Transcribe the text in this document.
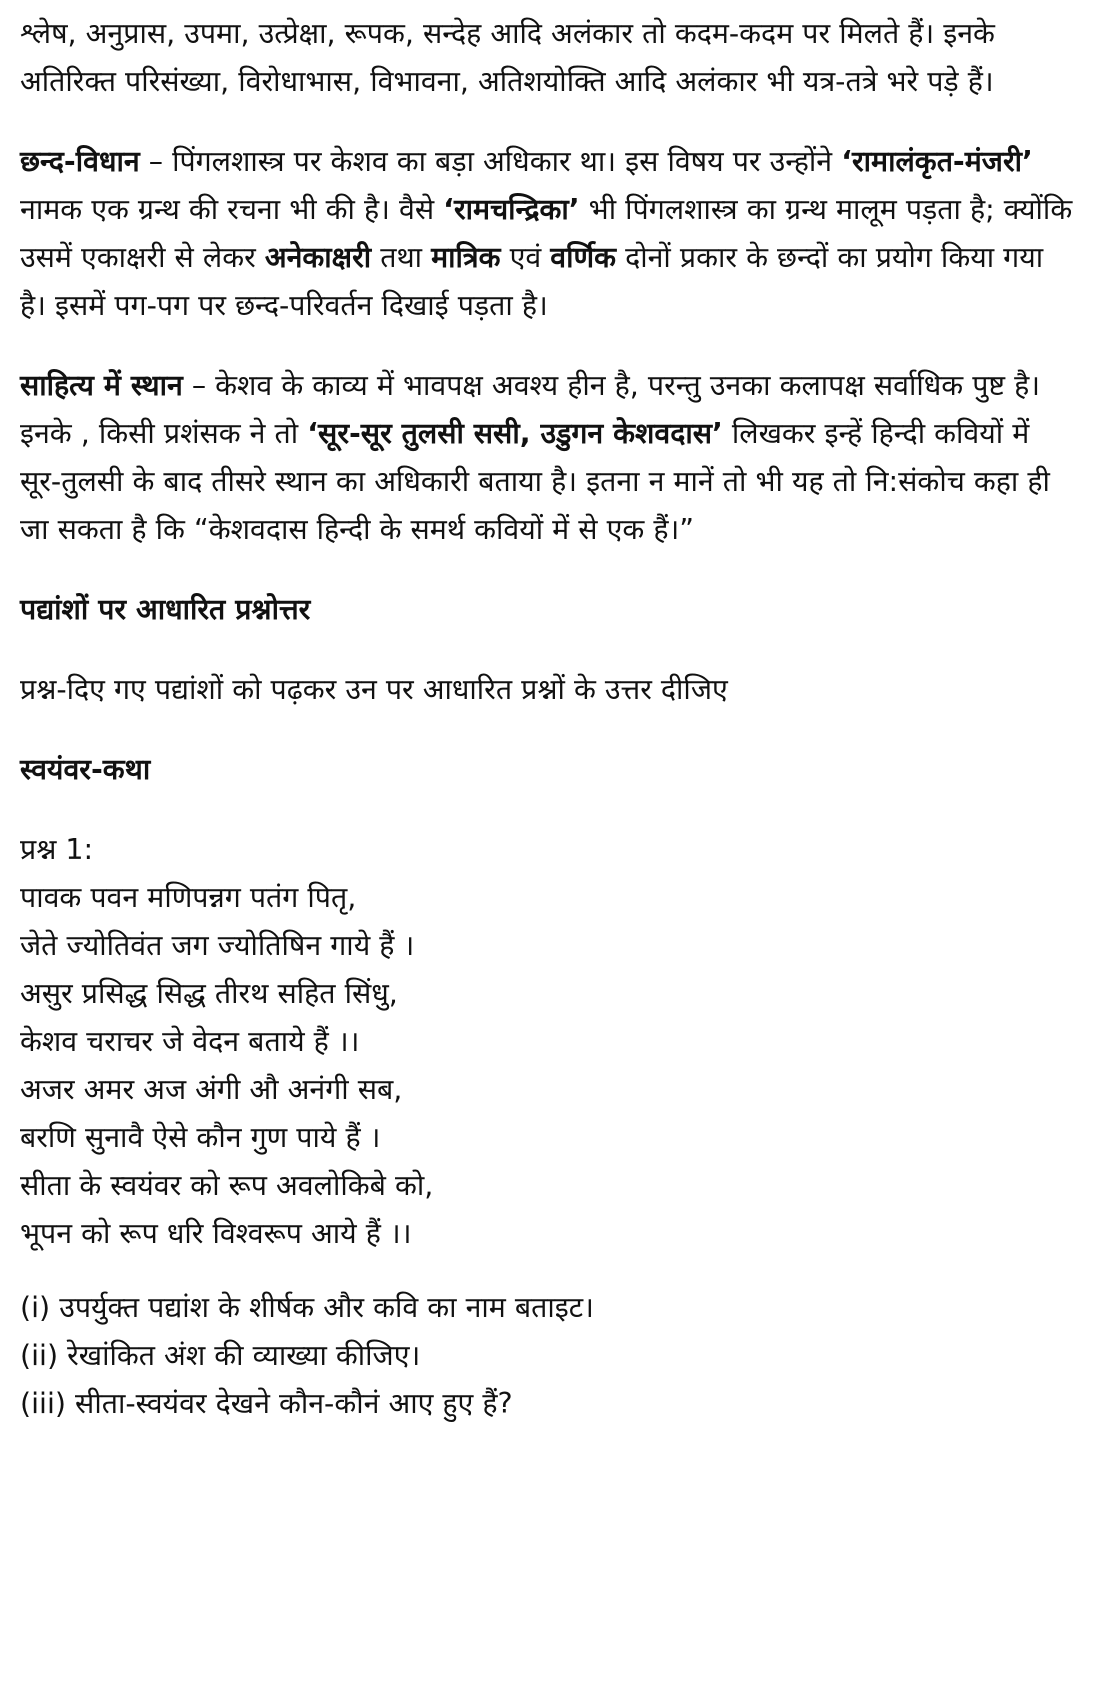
श्लेष, अनुप्रास, उपमा, उत्प्रेक्षा, रूपक, सन्देह आदि अलंकार तो कदम-कदम पर मिलते हैं। इनके अतिरिक्त परिसंख्या, विरोधाभास, विभावना, अतिशयोक्ति आदि अलंकार भी यत्र-तत्रे भरे पड़े हैं।

छन्द-विधान – पिंगलशास्त्र पर केशव का बड़ा अधिकार था। इस विषय पर उन्होंने ‘रामालंकृत-मंजरी’ नामक एक ग्रन्थ की रचना भी की है। वैसे ‘रामचन्द्रिका’ भी पिंगलशास्त्र का ग्रन्थ मालूम पड़ता है; क्योंकि उसमें एकाक्षरी से लेकर अनेकाक्षरी तथा मात्रिक एवं वर्णिक दोनों प्रकार के छन्दों का प्रयोग किया गया है। इसमें पग-पग पर छन्द-परिवर्तन दिखाई पड़ता है।

साहित्य में स्थान – केशव के काव्य में भावपक्ष अवश्य हीन है, परन्तु उनका कलापक्ष सर्वाधिक पुष्ट है। इनके , किसी प्रशंसक ने तो ‘सूर-सूर तुलसी ससी, उडुगन केशवदास’ लिखकर इन्हें हिन्दी कवियों में सूर-तुलसी के बाद तीसरे स्थान का अधिकारी बताया है। इतना न मानें तो भी यह तो नि:संकोच कहा ही जा सकता है कि “केशवदास हिन्दी के समर्थ कवियों में से एक हैं।”

पद्यांशों पर आधारित प्रश्नोत्तर

प्रश्न-दिए गए पद्यांशों को पढ़कर उन पर आधारित प्रश्नों के उत्तर दीजिए

स्वयंवर-कथा

प्रश्न 1:

पावक पवन मणिपन्नग पतंग पितृ,
जेते ज्योतिवंत जग ज्योतिषिन गाये हैं ।
असुर प्रसिद्ध सिद्ध तीरथ सहित सिंधु,
केशव चराचर जे वेदन बताये हैं ।।
अजर अमर अज अंगी औ अनंगी सब,
बरणि सुनावै ऐसे कौन गुण पाये हैं ।
सीता के स्वयंवर को रूप अवलोकिबे को,
भूपन को रूप धरि विश्वरूप आये हैं ।।

(i) उपर्युक्त पद्यांश के शीर्षक और कवि का नाम बताइट।
(ii) रेखांकित अंश की व्याख्या कीजिए।
(iii) सीता-स्वयंवर देखने कौन-कौनं आए हुए हैं?
